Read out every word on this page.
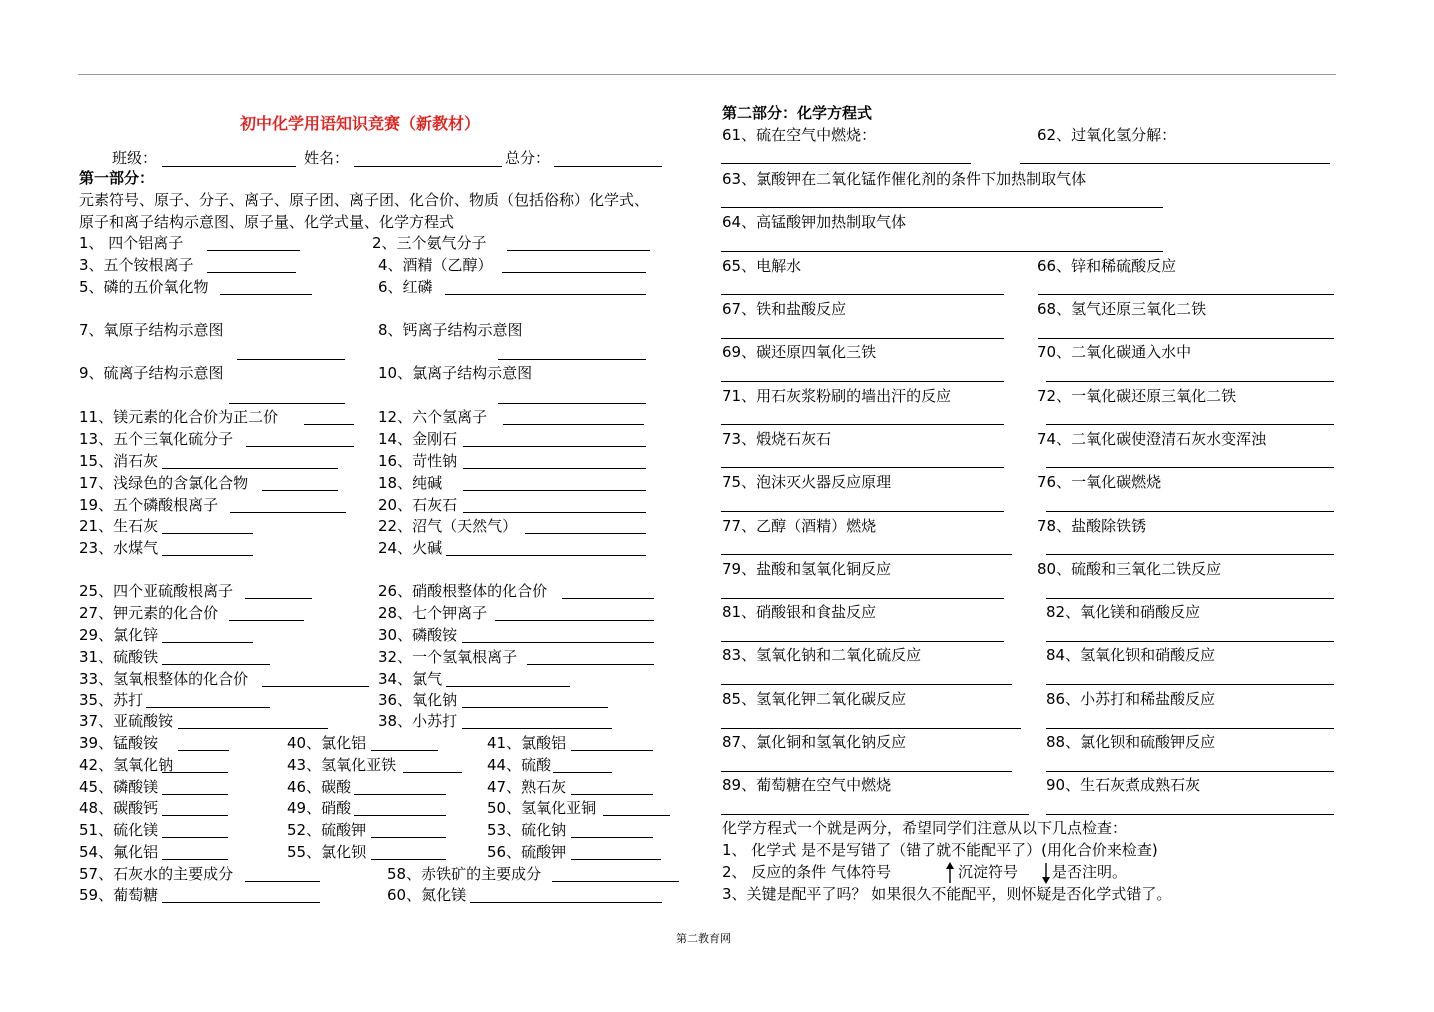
初中化学用语知识竞赛（新教材）
班级：	姓名：	总分：
第一部分：
元素符号、原子、分子、离子、原子团、离子团、化合价、物质（包括俗称）化学式、
原子和离子结构示意图、原子量、化学式量、化学方程式
1、 四个铝离子	2、三个氨气分子
3、五个铵根离子	4、酒精（乙醇）
5、磷的五价氧化物	6、红磷
7、氧原子结构示意图	8、钙离子结构示意图
9、硫离子结构示意图	10、氯离子结构示意图
11、镁元素的化合价为正二价	12、六个氢离子
13、五个三氧化硫分子	14、金刚石
15、消石灰	16、苛性钠
17、浅绿色的含氯化合物	18、纯碱
19、五个磷酸根离子	20、石灰石
21、生石灰	22、沼气（天然气）
23、水煤气	24、火碱
25、四个亚硫酸根离子	26、硝酸根整体的化合价
27、钾元素的化合价	28、七个钾离子
29、氯化锌	30、磷酸铵
31、硫酸铁	32、一个氢氧根离子
33、氢氧根整体的化合价	34、氯气
35、苏打	36、氧化钠
37、亚硫酸铵	38、小苏打
39、锰酸铵	40、氯化铝	41、氯酸铝
42、氢氧化钠	43、氢氧化亚铁	44、硫酸
45、磷酸镁	46、碳酸	47、熟石灰
48、碳酸钙	49、硝酸	50、氢氧化亚铜
51、硫化镁	52、硫酸钾	53、硫化钠
54、氟化铝	55、氯化钡	56、硫酸钾
57、石灰水的主要成分	58、赤铁矿的主要成分
59、葡萄糖	60、氮化镁
第二部分：化学方程式
61、硫在空气中燃烧：	62、过氧化氢分解：
63、氯酸钾在二氧化锰作催化剂的条件下加热制取气体
64、高锰酸钾加热制取气体
65、电解水	66、锌和稀硫酸反应
67、铁和盐酸反应	68、氢气还原三氧化二铁
69、碳还原四氧化三铁	70、二氧化碳通入水中
71、用石灰浆粉刷的墙出汗的反应	72、一氧化碳还原三氧化二铁
73、煅烧石灰石	74、二氧化碳使澄清石灰水变浑浊
75、泡沫灭火器反应原理	76、一氧化碳燃烧
77、乙醇（酒精）燃烧	78、盐酸除铁锈
79、盐酸和氢氧化铜反应	80、硫酸和三氧化二铁反应
81、硝酸银和食盐反应	82、氧化镁和硝酸反应
83、氢氧化钠和二氧化硫反应	84、氢氧化钡和硝酸反应
85、氢氧化钾二氧化碳反应	86、小苏打和稀盐酸反应
87、氯化铜和氢氧化钠反应	88、氯化钡和硫酸钾反应
89、葡萄糖在空气中燃烧	90、生石灰煮成熟石灰
化学方程式一个就是两分，希望同学们注意从以下几点检查：
1、 化学式 是不是写错了（错了就不能配平了）(用化合价来检查)
2、 反应的条件 气体符号	沉淀符号 是否注明。
3、关键是配平了吗？ 如果很久不能配平，则怀疑是否化学式错了。
第二教育网
